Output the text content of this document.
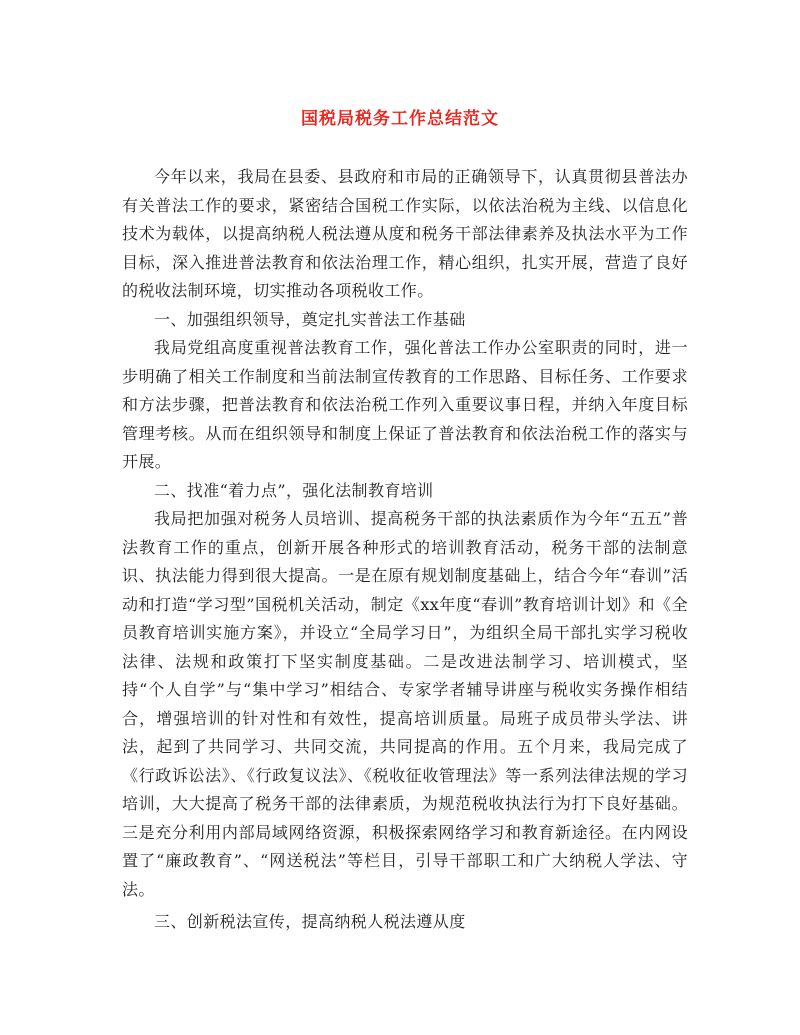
国税局税务工作总结范文

今年以来，我局在县委、县政府和市局的正确领导下，认真贯彻县普法办有关普法工作的要求，紧密结合国税工作实际，以依法治税为主线、以信息化技术为载体，以提高纳税人税法遵从度和税务干部法律素养及执法水平为工作目标，深入推进普法教育和依法治理工作，精心组织，扎实开展，营造了良好的税收法制环境，切实推动各项税收工作。

一、加强组织领导，奠定扎实普法工作基础

我局党组高度重视普法教育工作，强化普法工作办公室职责的同时，进一步明确了相关工作制度和当前法制宣传教育的工作思路、目标任务、工作要求和方法步骤，把普法教育和依法治税工作列入重要议事日程，并纳入年度目标管理考核。从而在组织领导和制度上保证了普法教育和依法治税工作的落实与开展。

二、找准“着力点”，强化法制教育培训

我局把加强对税务人员培训、提高税务干部的执法素质作为今年“五五”普法教育工作的重点，创新开展各种形式的培训教育活动，税务干部的法制意识、执法能力得到很大提高。一是在原有规划制度基础上，结合今年“春训”活动和打造“学习型”国税机关活动，制定《xx年度“春训”教育培训计划》和《全员教育培训实施方案》，并设立“全局学习日”，为组织全局干部扎实学习税收法律、法规和政策打下坚实制度基础。二是改进法制学习、培训模式，坚持“个人自学”与“集中学习”相结合、专家学者辅导讲座与税收实务操作相结合，增强培训的针对性和有效性，提高培训质量。局班子成员带头学法、讲法，起到了共同学习、共同交流，共同提高的作用。五个月来，我局完成了《行政诉讼法》、《行政复议法》、《税收征收管理法》等一系列法律法规的学习培训，大大提高了税务干部的法律素质，为规范税收执法行为打下良好基础。三是充分利用内部局域网络资源，积极探索网络学习和教育新途径。在内网设置了“廉政教育”、“网送税法”等栏目，引导干部职工和广大纳税人学法、守法。

三、创新税法宣传，提高纳税人税法遵从度
